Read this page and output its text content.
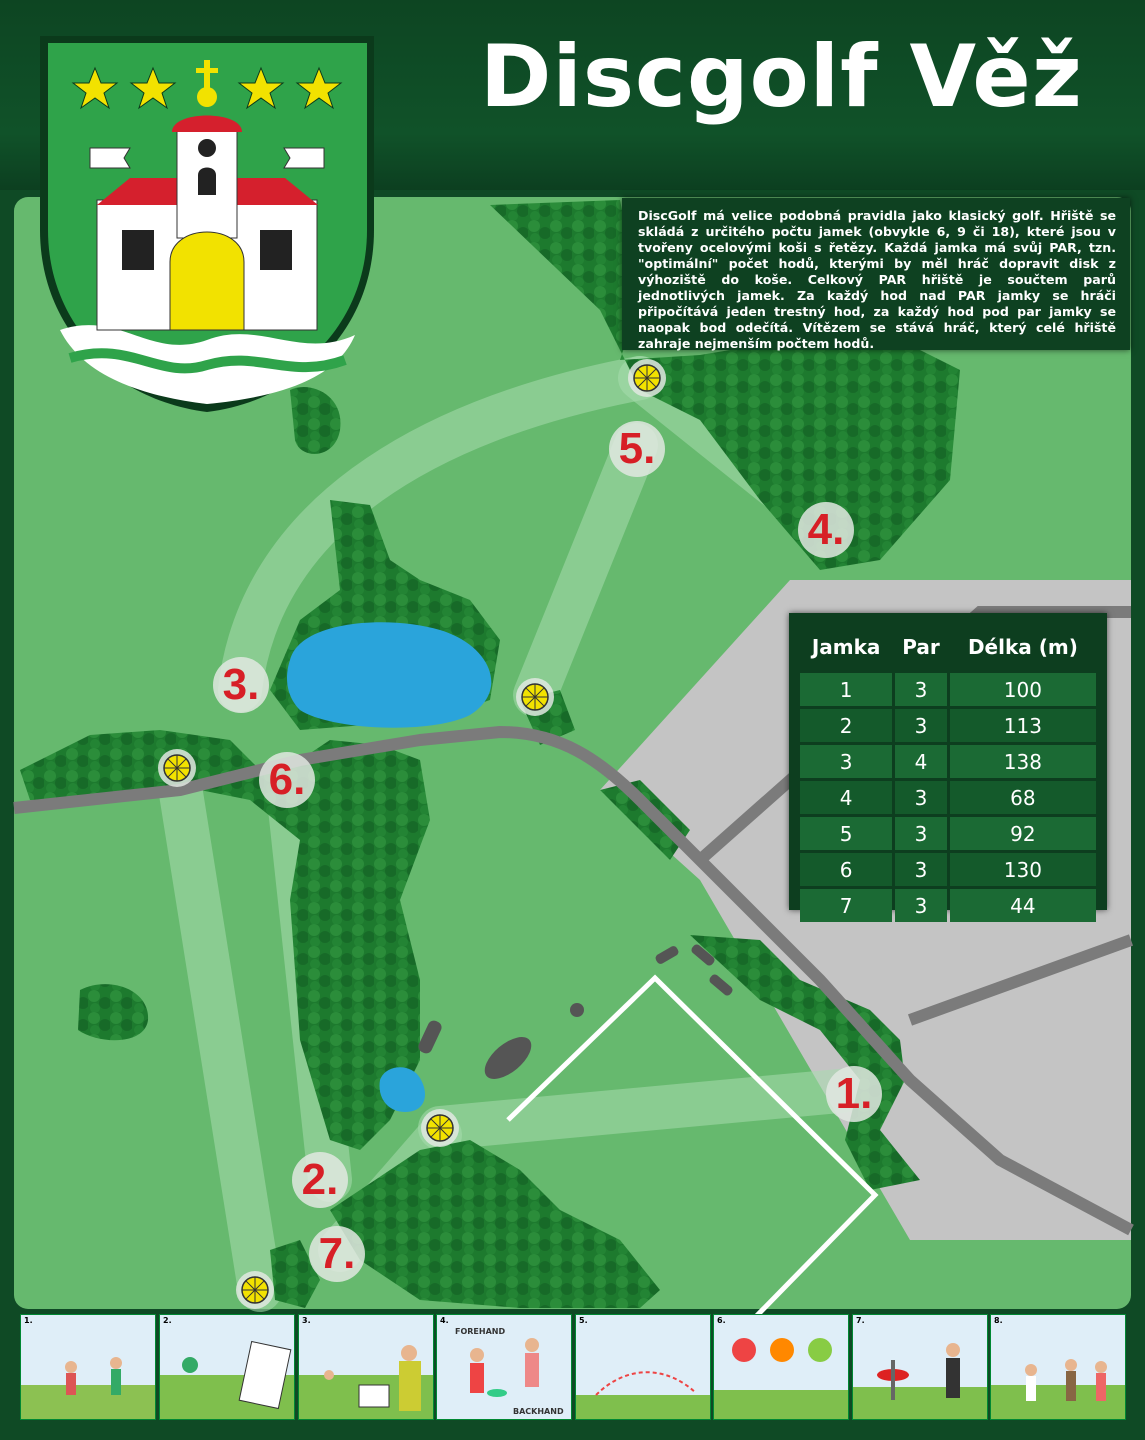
Discgolf Věž
DiscGolf má velice podobná pravidla jako klasický golf. Hřiště se skládá z určitého počtu jamek (obvykle 6, 9 či 18), které jsou v tvořeny ocelovými koši s řetězy. Každá jamka má svůj PAR, tzn. "optimální" počet hodů, kterými by měl hráč dopravit disk z výhoziště do koše. Celkový PAR hřiště je součtem parů jednotlivých jamek. Za každý hod nad PAR jamky se hráči připočítává jeden trestný hod, za každý hod pod par jamky se naopak bod odečítá. Vítězem se stává hráč, který celé hřiště zahraje nejmenším počtem hodů.
Jamka	Par	Délka (m)
1	3	100
2	3	113
3	4	138
4	3	68
5	3	92
6	3	130
7	3	44
1.
2.
3.
4.
5.
6.
7.
1.	2.	3.	4.
FOREHAND
BACKHAND
5.	6.	7.	8.
